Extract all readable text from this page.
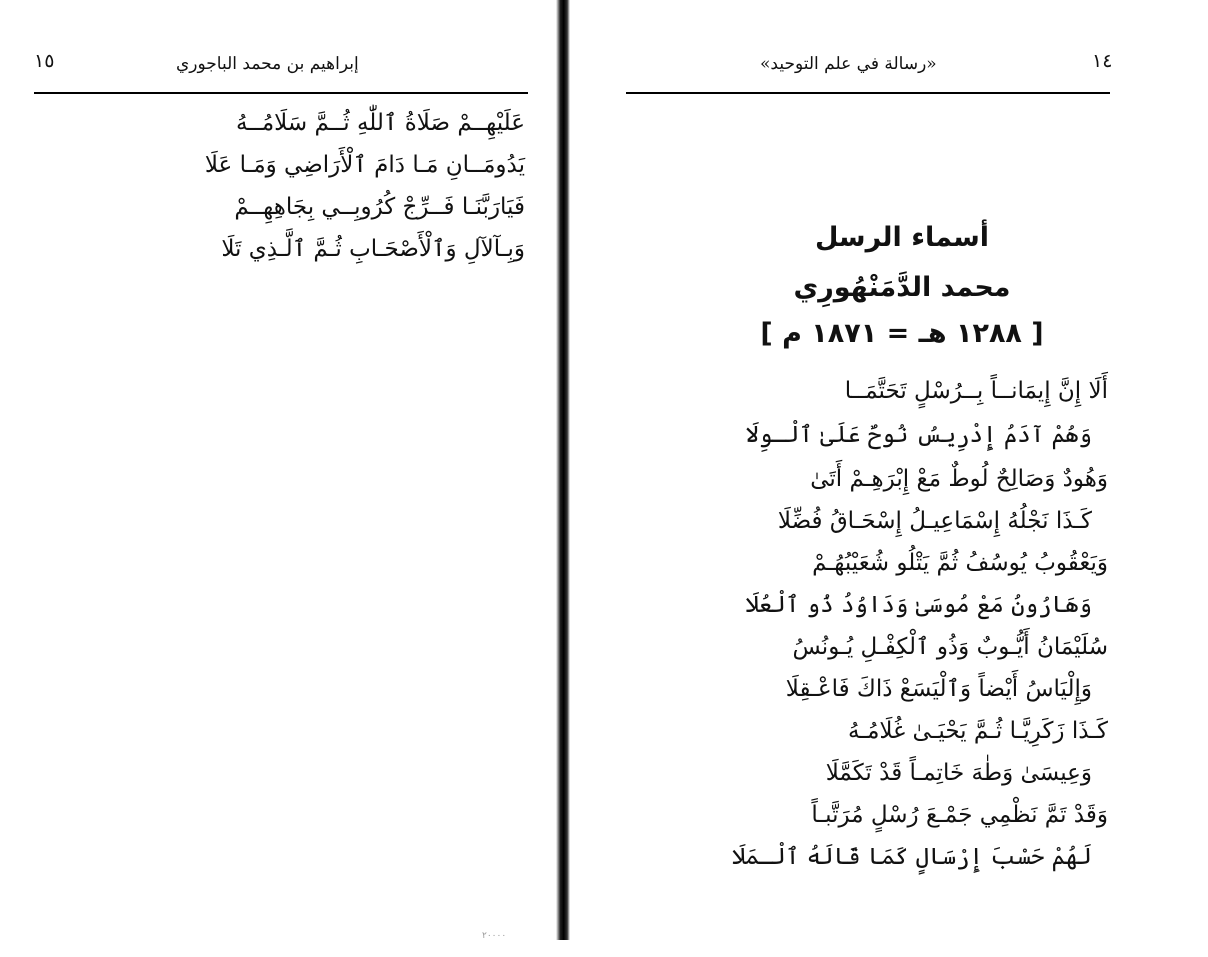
١٥	إبراهيم بن محمد الباجوري
عَلَيْهِــمْ صَلَاةُ ٱللّٰهِ ثُــمَّ سَلَامُــهُ
يَدُومَــانِ مَـا دَامَ ٱلْأَرَاضِي وَمَـا عَلَا
فَيَارَبَّنَـا فَــرِّجْ كُرُوبِــي بِجَاهِهِــمْ
وَبِـآلآلِ وَٱلْأَصْحَـابِ ثُـمَّ ٱلَّـذِي تَلَا
٢٠٠٠٠
١٤
«رسالة في علم التوحيد»
أسماء الرسل
محمد الدَّمَنْهُورِي
[ ١٢٨٨ هـ = ١٨٧١ م ]
أَلَا إِنَّ إِيمَانــاً بِــرُسْلٍ تَحَتَّمَــا
وَهُمْ آدَمُ إِدْرِيسُ نُوحٌ عَلَىٰ ٱلْـوِلَا
وَهُودٌ وَصَالِحٌ لُوطٌ مَعْ إِبْرَهِـمْ أَتَىٰ
كَـذَا نَجْلُهُ إِسْمَاعِيـلُ إِسْحَـاقُ فُضِّلَا
وَيَعْقُوبُ يُوسُفُ ثُمَّ يَتْلُو شُعَيْبُهُـمْ
وَهَارُونُ مَعْ مُوسَىٰ وَدَاوُدُ ذُو ٱلْعُلَا
سُلَيْمَانُ أَيُّـوبٌ وَذُو ٱلْكِفْـلِ يُـونُسُ
وَإِلْيَاسُ أَيْضاً وَٱلْيَسَعْ ذَاكَ فَاعْـقِلَا
كَـذَا زَكَرِيَّـا ثُـمَّ يَحْيَـىٰ غُلَامُـهُ
وَعِيسَىٰ وَطٰهَ خَاتِمـاً قَدْ تَكَمَّلَا
وَقَدْ تَمَّ نَظْمِي جَمْـعَ رُسْلٍ مُرَتَّبـاً
لَهُمْ حَسْبَ إِرْسَالٍ كَمَا قَالَهُ ٱلْـمَلَا
